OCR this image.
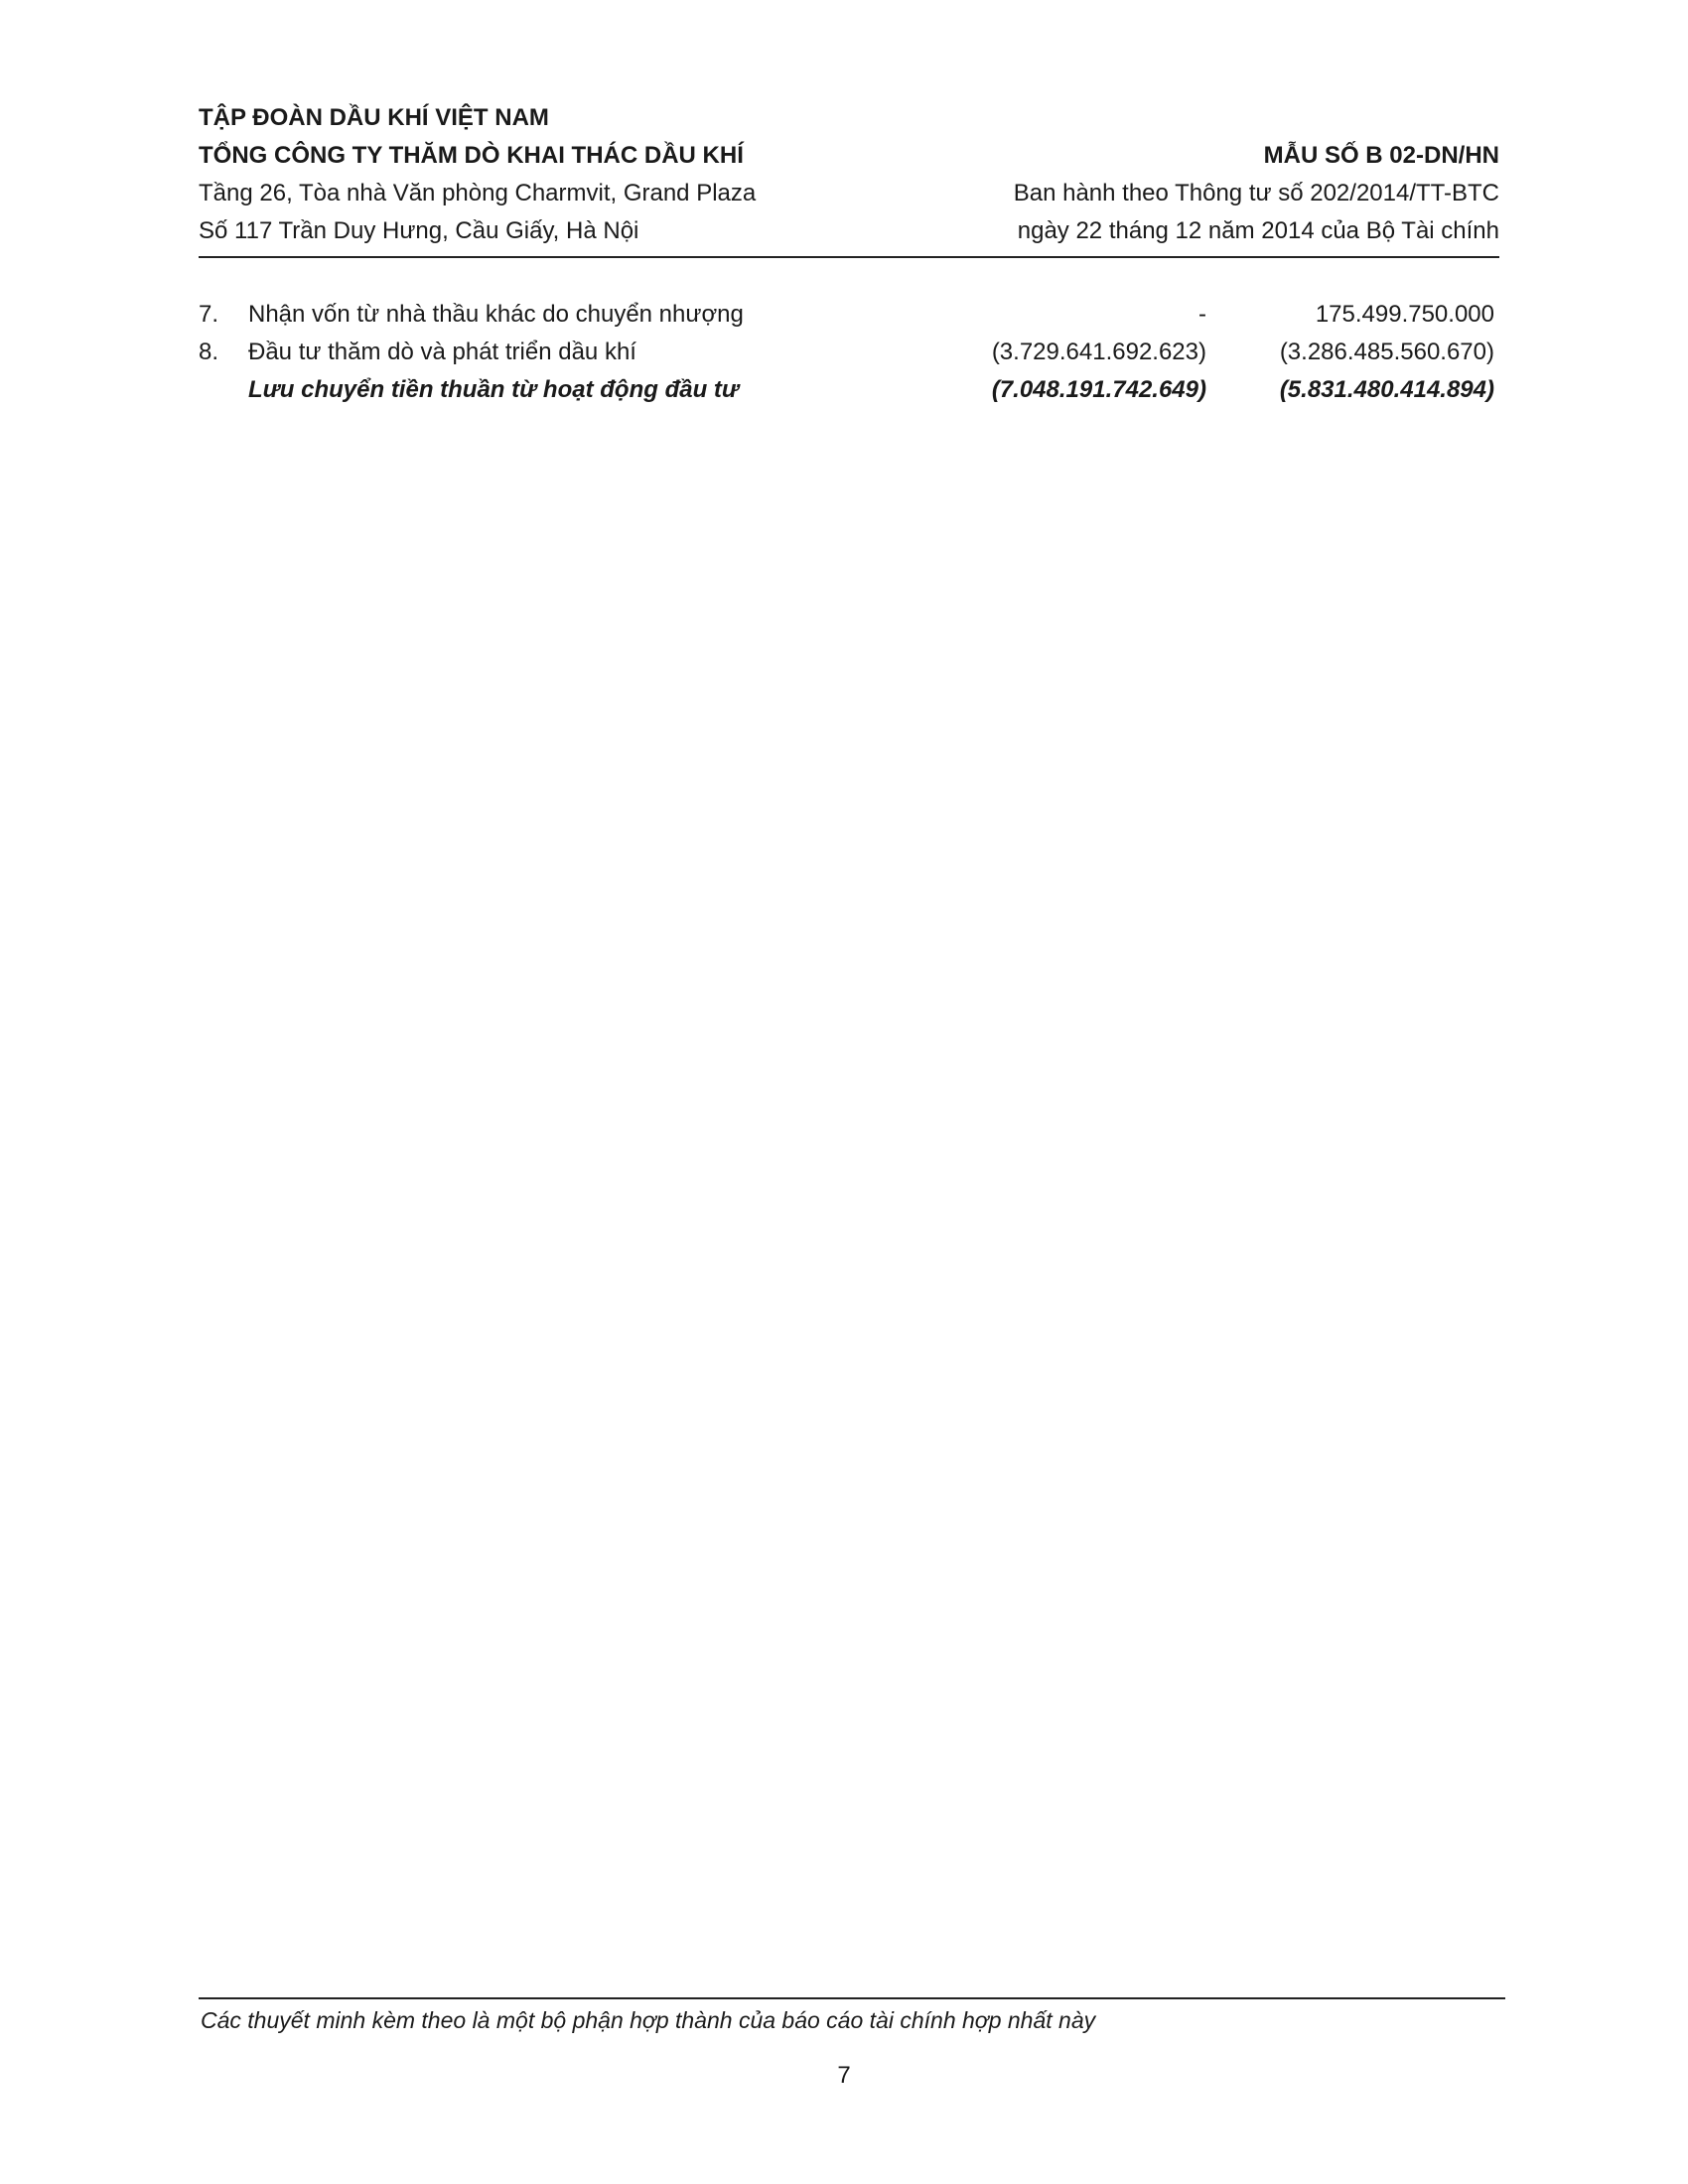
TẬP ĐOÀN DẦU KHÍ VIỆT NAM
TỔNG CÔNG TY THĂM DÒ KHAI THÁC DẦU KHÍ	MẪU SỐ B 02-DN/HN
Tầng 26, Tòa nhà Văn phòng Charmvit, Grand Plaza	Ban hành theo Thông tư số 202/2014/TT-BTC
Số 117 Trần Duy Hưng, Cầu Giấy, Hà Nội	ngày 22 tháng 12 năm 2014 của Bộ Tài chính
7. Nhận vốn từ nhà thầu khác do chuyển nhượng	-	175.499.750.000
8. Đầu tư thăm dò và phát triển dầu khí	(3.729.641.692.623)	(3.286.485.560.670)
Lưu chuyển tiền thuần từ hoạt động đầu tư	(7.048.191.742.649)	(5.831.480.414.894)
Các thuyết minh kèm theo là một bộ phận hợp thành của báo cáo tài chính hợp nhất này
7
